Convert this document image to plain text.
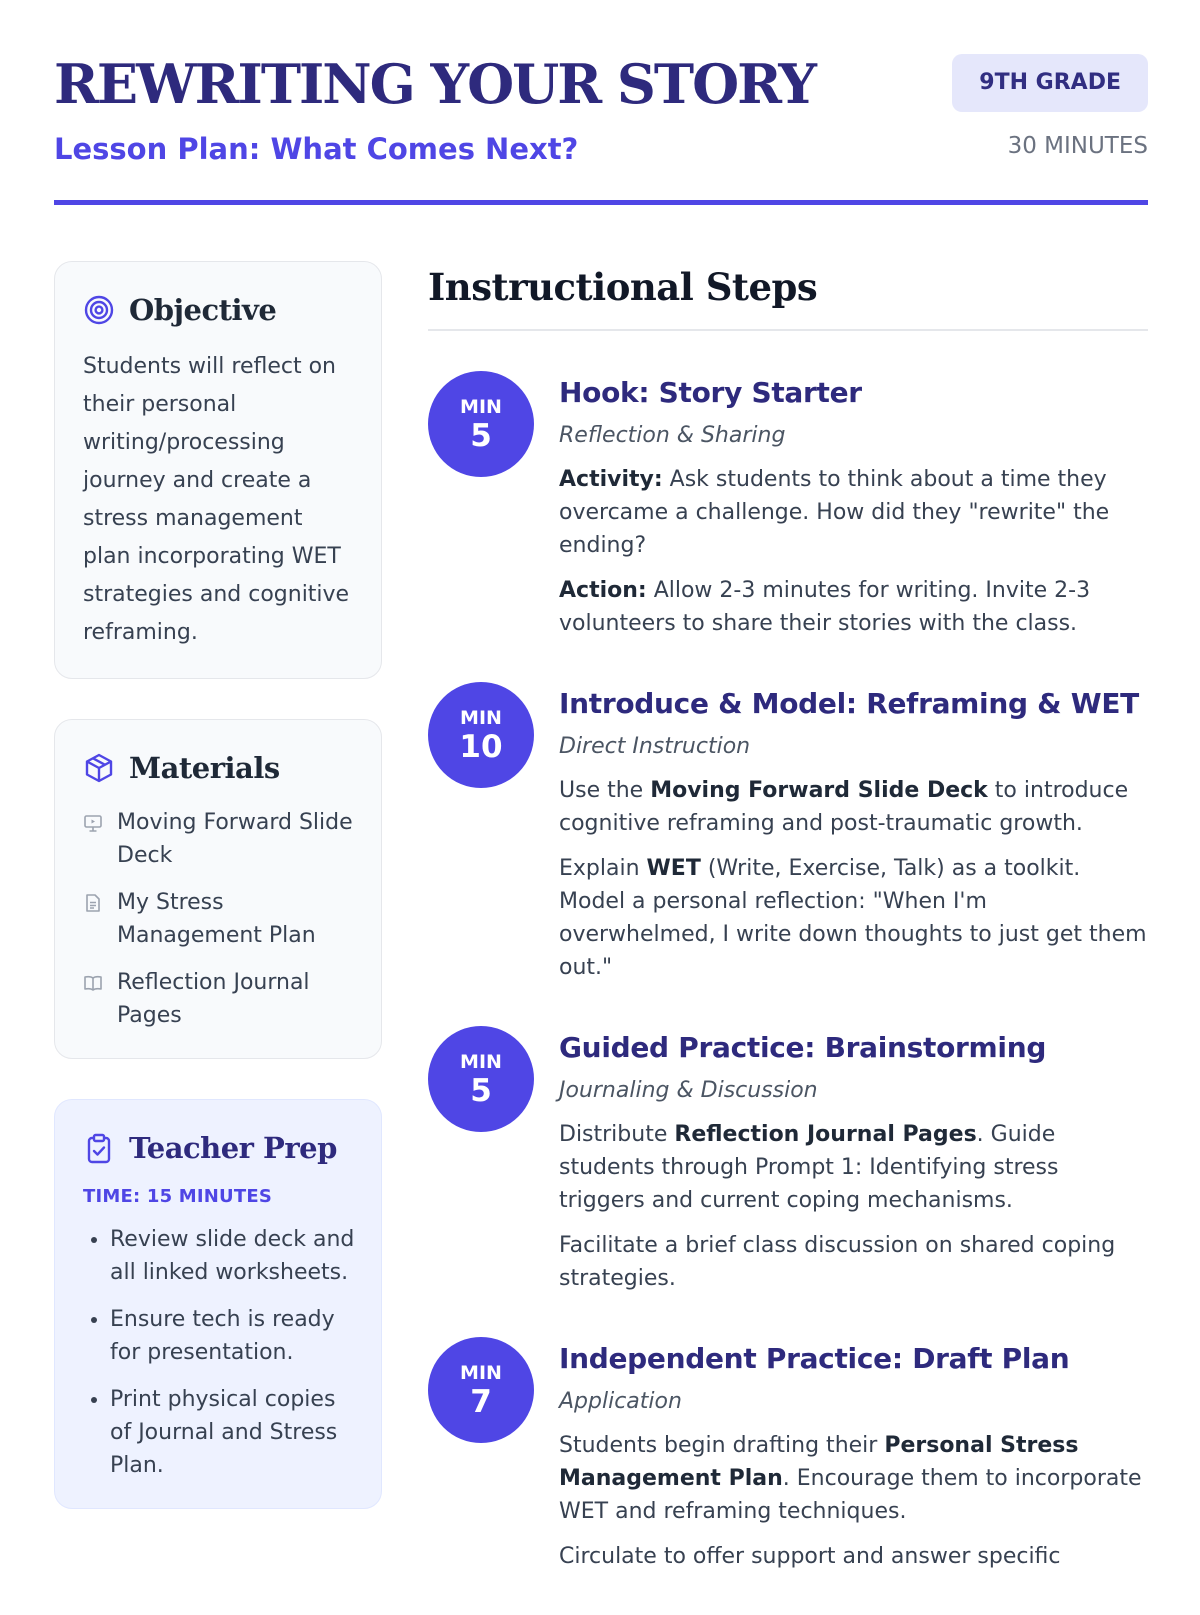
REWRITING YOUR STORY
Lesson Plan: What Comes Next?
9TH GRADE
30 MINUTES
Objective

Students will reflect on their personal writing/processing journey and create a stress management plan incorporating WET strategies and cognitive reframing.

Materials
Moving Forward Slide Deck
My Stress Management Plan
Reflection Journal Pages
Teacher Prep
TIME: 15 MINUTES
• Review slide deck and all linked worksheets.
• Ensure tech is ready for presentation.
• Print physical copies of Journal and Stress Plan.
Instructional Steps
MIN
5
Hook: Story Starter
Reflection & Sharing

Activity: Ask students to think about a time they overcame a challenge. How did they "rewrite" the ending?

Action: Allow 2-3 minutes for writing. Invite 2-3 volunteers to share their stories with the class.

MIN
10
Introduce & Model: Reframing & WET
Direct Instruction

Use the Moving Forward Slide Deck to introduce cognitive reframing and post-traumatic growth.

Explain WET (Write, Exercise, Talk) as a toolkit. Model a personal reflection: "When I'm overwhelmed, I write down thoughts to just get them out."

MIN
5
Guided Practice: Brainstorming
Journaling & Discussion

Distribute Reflection Journal Pages. Guide students through Prompt 1: Identifying stress triggers and current coping mechanisms.

Facilitate a brief class discussion on shared coping strategies.

MIN
7
Independent Practice: Draft Plan
Application

Students begin drafting their Personal Stress Management Plan. Encourage them to incorporate WET and reframing techniques.

Circulate to offer support and answer specific
